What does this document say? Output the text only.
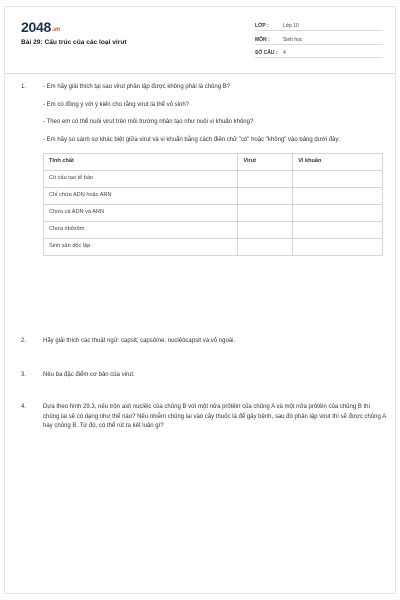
2048.vn
Bài 29: Cấu trúc của các loại virut
LỚP :	Lớp 10
MÔN :	Sinh học
SỐ CÂU :	4
1.	- Em hãy giải thích tại sao virut phân lập được không phải là chủng B?
- Em có đồng ý với ý kiến cho rằng virut là thể vô sinh?
- Theo em có thể nuôi virut trên môi trường nhân tạo như nuôi vi khuẩn không?
- Em hãy so sánh sự khác biệt giữa virut và vi khuẩn bằng cách điền chữ "có" hoặc "không" vào bảng dưới đây:
Tính chất	Virut	Vi khuẩn
Có cấu tạo tế bào		
Chỉ chứa ADN hoặc ARN		
Chứa cả ADN và ARN		
Chứa ribôxôm		
Sinh sản độc lập		
2.	Hãy giải thích các thuật ngữ: capsit, capsôme, nuclêôcapsit và vỏ ngoài.
3.	Nêu ba đặc điểm cơ bản của virut.
4.	Dựa theo hình 29.3, nếu trộn axit nuclêic của chủng B với một nửa prôtêin của chủng A và một nửa prôtêin của chủng B thì chủng lai sẽ có dạng như thế nào? Nếu nhiễm chủng lai vào cây thuốc lá để gây bệnh, sau đó phân lập virut thì sẽ được chủng A hay chủng B. Từ đó, có thể rút ra kết luận gì?
